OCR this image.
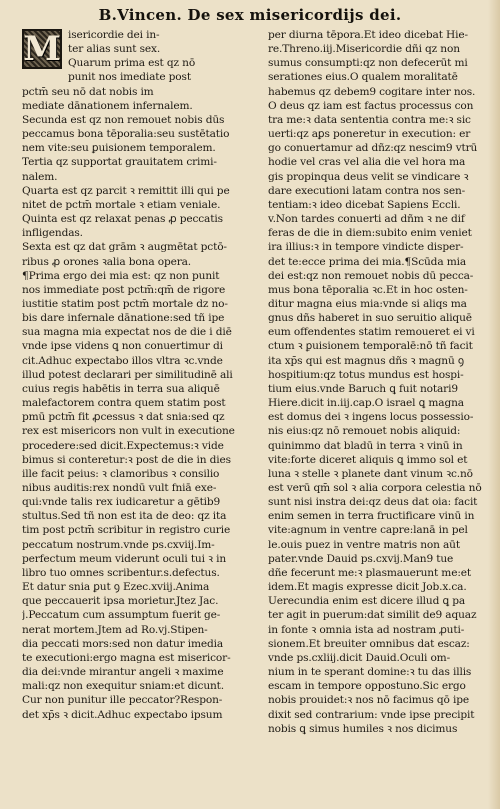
B.Vincen. De sex misericordijs dei.
M isericordie dei in-
ter alias sunt sex.
Quarum prima est qz nō
punit nos imediate post
pctm̄ seu nō dat nobis im
mediate dānationem infernalem.
Secunda est qz non remouet nobis dūs
peccamus bona tēporalia:seu sustētatio
nem vite:seu ꝑuisionem temporalem.
Tertia qz supportat grauitatem crimi-
nalem.
Quarta est qz parcit ꝛ remittit illi qui pe
nitet de pctm̄ mortale ꝛ etiam veniale.
Quinta est qz relaxat penas ꝓ peccatis
infligendas.
Sexta est qz dat grām ꝛ augmētat pctō-
ribus ꝓ orones ꝛalia bona opera.
¶Prima ergo dei mia est: qz non punit
nos immediate post pctm̄:qm̄ de rigore
iustitie statim post pctm̄ mortale dz no-
bis dare infernale dānatione:sed tñ ipe
sua magna mia expectat nos de die i diē
vnde ipse videns ꝗ non conuertimur di
cit.Adhuc expectabo illos vltra ꝛc.vnde
illud potest declarari per similitudinē ali
cuius regis habētis in terra sua aliquē
malefactorem contra quem statim post
pmū pctm̄ fit ꝓcessus ꝛ dat snia:sed qz
rex est misericors non vult in executione
procedere:sed dicit.Expectemus:ꝛ vide
bimus si conteretur:ꝛ post de die in dies
ille facit peius: ꝛ clamoribus ꝛ consilio
nibus auditis:rex nondū vult fniā exe-
qui:vnde talis rex iudicaretur a gētib9
stultus.Sed tñ non est ita de deo: qz ita
tim post pctm̄ scribitur in registro curie
peccatum nostrum.vnde ps.cxviij.Im-
perfectum meum viderunt oculi tui ꝛ in
libro tuo omnes scribentur.s.defectus.
Et datur snia ꝑut ꝯ Ezec.xviij.Anima
que peccauerit ipsa morietur.Jtez Jac.
j.Peccatum cum assumptum fuerit ge-
nerat mortem.Jtem ad Ro.vj.Stipen-
dia peccati mors:sed non datur imedia
te executioni:ergo magna est misericor-
dia dei:vnde mirantur angeli ꝛ maxime
mali:qz non exequitur sniam:et dicunt.
Cur non punitur ille peccator?Respon-
det xp̄s ꝛ dicit.Adhuc expectabo ipsum
per diurna tēpora.Et ideo dicebat Hie-
re.Threno.iij.Misericordie dñi qz non
sumus consumpti:qz non defecerūt mi
serationes eius.O qualem moralitatē
habemus qz debem9 cogitare inter nos.
O deus qz iam est factus processus con
tra me:ꝛ data sententia contra me:ꝛ sic
uerti:qz aꝑs poneretur in execution: er
go conuertamur ad dñz:qz nescim9 vtrū
hodie vel cras vel alia die vel hora ma
gis propinqua deus velit se vindicare ꝛ
dare executioni latam contra nos sen-
tentiam:ꝛ ideo dicebat Sapiens Eccli.
v.Non tardes conuerti ad dñm ꝛ ne dif
feras de die in diem:subito enim veniet
ira illius:ꝛ in tempore vindicte disper-
det te:ecce prima dei mia.¶Scūda mia
dei est:qz non remouet nobis dū pecca-
mus bona tēporalia ꝛc.Et in hoc osten-
ditur magna eius mia:vnde si aliqs ma
gnus dñs haberet in suo seruitio aliquē
eum offendentes statim remoueret ei vi
ctum ꝛ ꝑuisionem temporalē:nō tñ facit
ita xp̄s qui est magnus dñs ꝛ magnū ꝯ
hospitium:qz totus mundus est hospi-
tium eius.vnde Baruch ꝗ fuit notari9
Hiere.dicit in.iij.cap.O israel ꝗ magna
est domus dei ꝛ ingens locus possessio-
nis eius:qz nō remouet nobis aliquid:
quinimmo dat bladū in terra ꝛ vinū in
vite:forte diceret aliquis ꝗ immo sol et
luna ꝛ stelle ꝛ planete dant vinum ꝛc.nō
est verū qm̄ sol ꝛ alia corpora celestia nō
sunt nisi instra dei:qz deus dat oia: facit
enim semen in terra fructificare vinū in
vite:agnum in ventre capre:lanā in pel
le.ouis puez in ventre matris non aūt
pater.vnde Dauid ps.cxvij.Man9 tue
dñe fecerunt me:ꝛ plasmauerunt me:et
idem.Et magis expresse dicit Job.x.ca.
Uerecundia enim est dicere illud ꝗ pa
ter agit in puerum:dat similit de9 aquaz
in fonte ꝛ omnia ista ad nostram ꝓuti-
sionem.Et breuiter omnibus dat escaz:
vnde ps.cxliij.dicit Dauid.Oculi om-
nium in te sperant domine:ꝛ tu das illis
escam in tempore oppostuno.Sic ergo
nobis prouidet:ꝛ nos nō facimus qō ipe
dixit sed contrarium: vnde ipse precipit
nobis ꝗ simus humiles ꝛ nos dicimus
